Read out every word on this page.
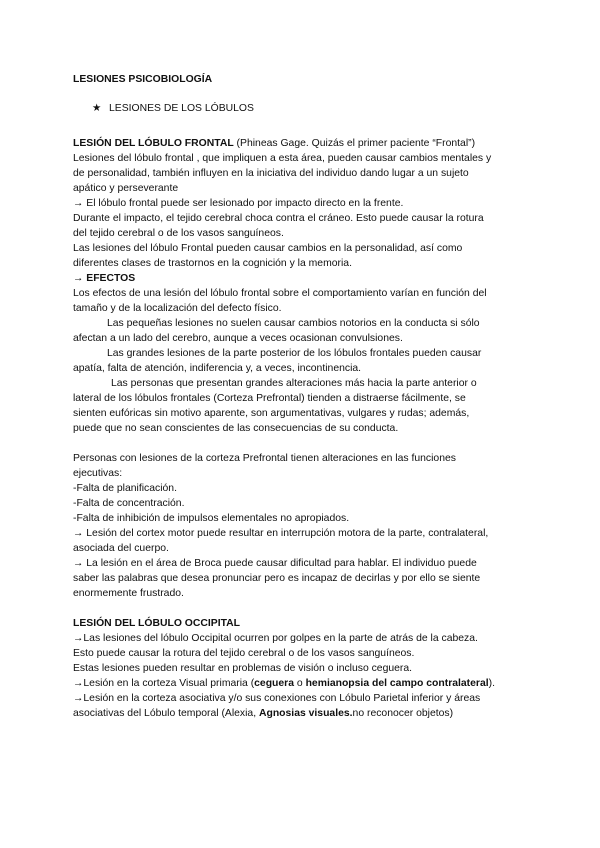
LESIONES PSICOBIOLOGÍA
★ LESIONES DE LOS LÓBULOS
LESIÓN DEL LÓBULO FRONTAL (Phineas Gage. Quizás el primer paciente “Frontal”)
Lesiones del lóbulo frontal , que impliquen a esta área, pueden causar cambios mentales y
de personalidad, también influyen en la iniciativa del individuo dando lugar a un sujeto
apático y perseverante
→ El lóbulo frontal puede ser lesionado por impacto directo en la frente.
Durante el impacto, el tejido cerebral choca contra el cráneo. Esto puede causar la rotura
del tejido cerebral o de los vasos sanguíneos.
Las lesiones del lóbulo Frontal pueden causar cambios en la personalidad, así como
diferentes clases de trastornos en la cognición y la memoria.
→ EFECTOS
Los efectos de una lesión del lóbulo frontal sobre el comportamiento varían en función del
tamaño y de la localización del defecto físico.
Las pequeñas lesiones no suelen causar cambios notorios en la conducta si sólo
afectan a un lado del cerebro, aunque a veces ocasionan convulsiones.
Las grandes lesiones de la parte posterior de los lóbulos frontales pueden causar
apatía, falta de atención, indiferencia y, a veces, incontinencia.
Las personas que presentan grandes alteraciones más hacia la parte anterior o
lateral de los lóbulos frontales (Corteza Prefrontal) tienden a distraerse fácilmente, se
sienten eufóricas sin motivo aparente, son argumentativas, vulgares y rudas; además,
puede que no sean conscientes de las consecuencias de su conducta.
Personas con lesiones de la corteza Prefrontal tienen alteraciones en las funciones
ejecutivas:
-Falta de planificación.
-Falta de concentración.
-Falta de inhibición de impulsos elementales no apropiados.
→ Lesión del cortex motor puede resultar en interrupción motora de la parte, contralateral,
asociada del cuerpo.
→ La lesión en el área de Broca puede causar dificultad para hablar. El individuo puede
saber las palabras que desea pronunciar pero es incapaz de decirlas y por ello se siente
enormemente frustrado.
LESIÓN DEL LÓBULO OCCIPITAL
→Las lesiones del lóbulo Occipital ocurren por golpes en la parte de atrás de la cabeza.
Esto puede causar la rotura del tejido cerebral o de los vasos sanguíneos.
Estas lesiones pueden resultar en problemas de visión o incluso ceguera.
→Lesión en la corteza Visual primaria (ceguera o hemianopsia del campo contralateral).
→Lesión en la corteza asociativa y/o sus conexiones con Lóbulo Parietal inferior y áreas
asociativas del Lóbulo temporal (Alexia, Agnosias visuales.no reconocer objetos)
